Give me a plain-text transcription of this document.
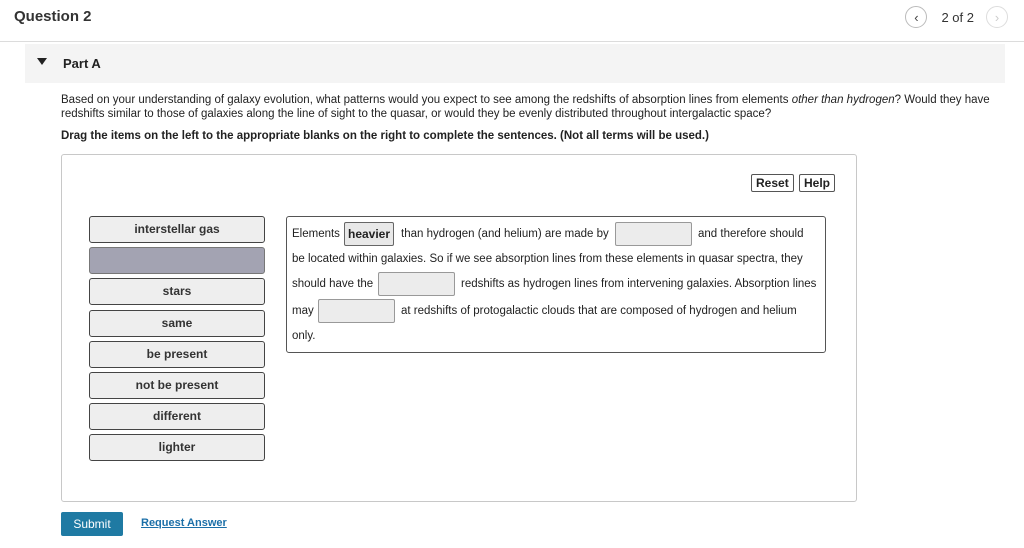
Question 2	‹ 2 of 2 ›
Part A
Based on your understanding of galaxy evolution, what patterns would you expect to see among the redshifts of absorption lines from elements other than hydrogen? Would they have redshifts similar to those of galaxies along the line of sight to the quasar, or would they be evenly distributed throughout intergalactic space?
Drag the items on the left to the appropriate blanks on the right to complete the sentences. (Not all terms will be used.)
Reset	Help
interstellar gas
stars
same
be present
not be present
different
lighter
Elements heavier than hydrogen (and helium) are made by	and therefore should
be located within galaxies. So if we see absorption lines from these elements in quasar spectra, they
should have the	redshifts as hydrogen lines from intervening galaxies. Absorption lines
may	at redshifts of protogalactic clouds that are composed of hydrogen and helium
only.
Submit	Request Answer
